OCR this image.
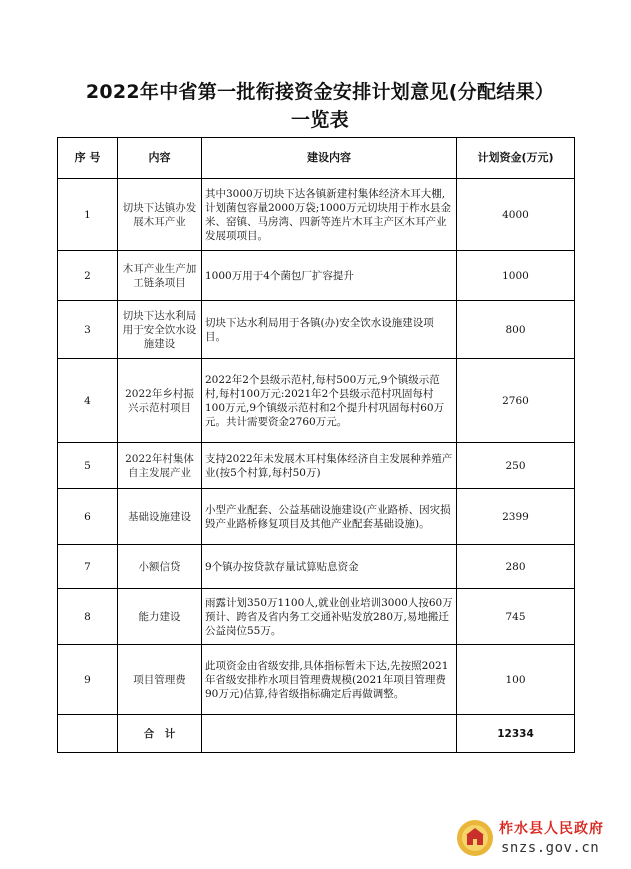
2022年中省第一批衔接资金安排计划意见(分配结果）
一览表
序 号	内容	建设内容	计划资金(万元)
1	切块下达镇办发展木耳产业	其中3000万切块下达各镇新建村集体经济木耳大棚,计划菌包容量2000万袋;1000万元切块用于柞水县金米、窑镇、马房湾、四新等连片木耳主产区木耳产业发展项项目。	4000
2	木耳产业生产加工链条项目	1000万用于4个菌包厂扩容提升	1000
3	切块下达水利局用于安全饮水设施建设	切块下达水利局用于各镇(办)安全饮水设施建设项目。	800
4	2022年乡村振兴示范村项目	2022年2个县级示范村,每村500万元,9个镇级示范村,每村100万元:2021年2个县级示范村巩固每村100万元,9个镇级示范村和2个提升村巩固每村60万元。共计需要资金2760万元。	2760
5	2022年村集体自主发展产业	支持2022年未发展木耳村集体经济自主发展种养殖产业(按5个村算,每村50万)	250
6	基础设施建设	小型产业配套、公益基础设施建设(产业路桥、因灾损毁产业路桥修复项目及其他产业配套基础设施)。	2399
7	小额信贷	9个镇办按贷款存量试算贴息资金	280
8	能力建设	雨露计划350万1100人,就业创业培训3000人按60万预计、跨省及省内务工交通补贴发放280万,易地搬迁公益岗位55万。	745
9	项目管理费	此项资金由省级安排,具体指标暂未下达,先按照2021年省级安排柞水项目管理费规模(2021年项目管理费90万元)估算,待省级指标确定后再做调整。	100
	合　计		12334
柞水县人民政府
snzs.gov.cn
